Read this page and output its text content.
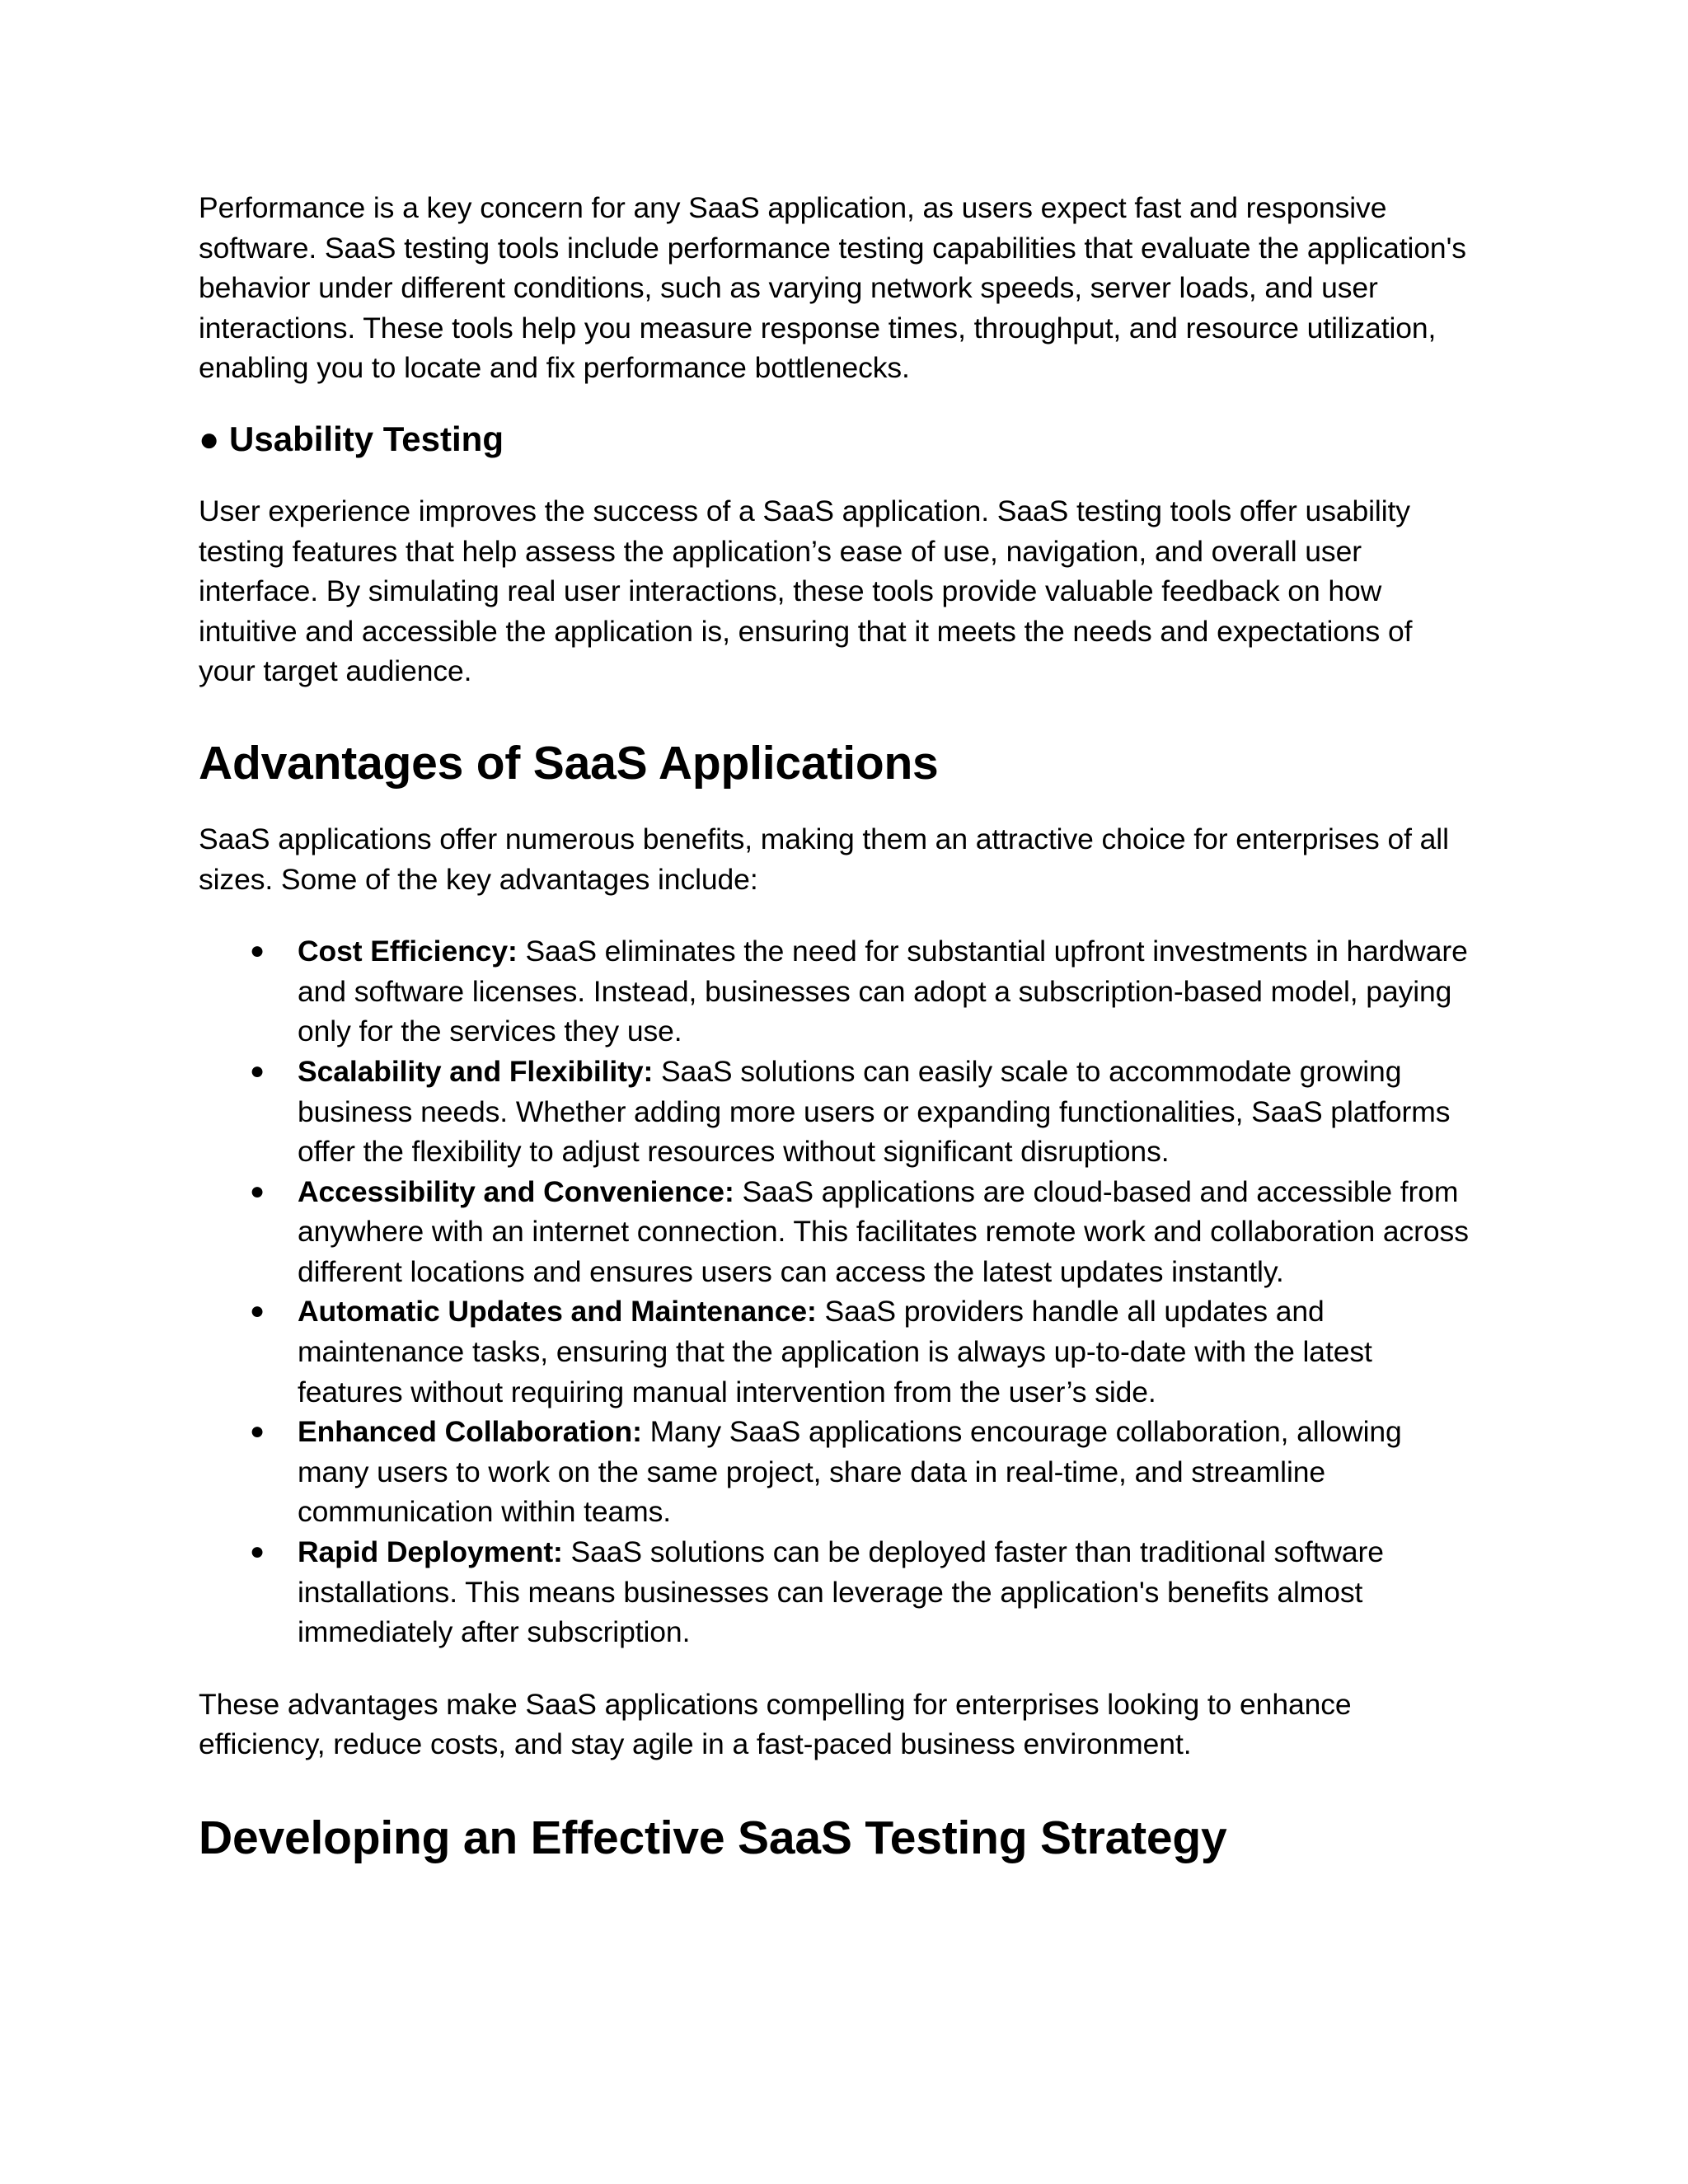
Performance is a key concern for any SaaS application, as users expect fast and responsive software. SaaS testing tools include performance testing capabilities that evaluate the application's behavior under different conditions, such as varying network speeds, server loads, and user interactions. These tools help you measure response times, throughput, and resource utilization, enabling you to locate and fix performance bottlenecks.

● Usability Testing

User experience improves the success of a SaaS application. SaaS testing tools offer usability testing features that help assess the application’s ease of use, navigation, and overall user interface. By simulating real user interactions, these tools provide valuable feedback on how intuitive and accessible the application is, ensuring that it meets the needs and expectations of your target audience.

Advantages of SaaS Applications

SaaS applications offer numerous benefits, making them an attractive choice for enterprises of all sizes. Some of the key advantages include:

● Cost Efficiency: SaaS eliminates the need for substantial upfront investments in hardware and software licenses. Instead, businesses can adopt a subscription-based model, paying only for the services they use.
● Scalability and Flexibility: SaaS solutions can easily scale to accommodate growing business needs. Whether adding more users or expanding functionalities, SaaS platforms offer the flexibility to adjust resources without significant disruptions.
● Accessibility and Convenience: SaaS applications are cloud-based and accessible from anywhere with an internet connection. This facilitates remote work and collaboration across different locations and ensures users can access the latest updates instantly.
● Automatic Updates and Maintenance: SaaS providers handle all updates and maintenance tasks, ensuring that the application is always up-to-date with the latest features without requiring manual intervention from the user’s side.
● Enhanced Collaboration: Many SaaS applications encourage collaboration, allowing many users to work on the same project, share data in real-time, and streamline communication within teams.
● Rapid Deployment: SaaS solutions can be deployed faster than traditional software installations. This means businesses can leverage the application's benefits almost immediately after subscription.

These advantages make SaaS applications compelling for enterprises looking to enhance efficiency, reduce costs, and stay agile in a fast-paced business environment.

Developing an Effective SaaS Testing Strategy
